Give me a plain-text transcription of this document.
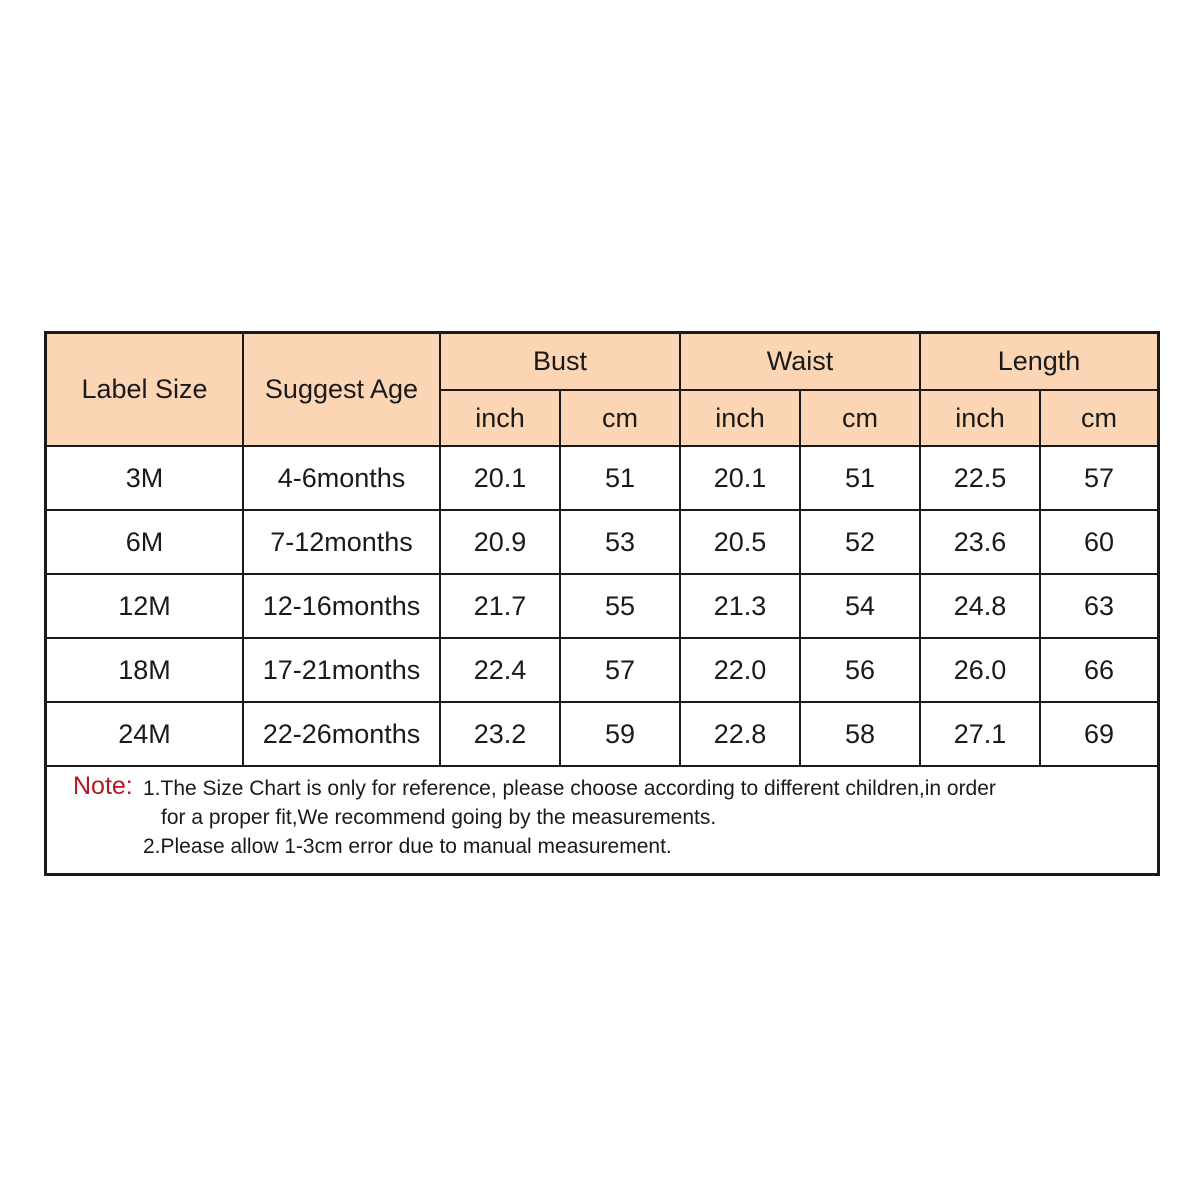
Label Size	Suggest Age	Bust		Waist		Length	
		inch	cm	inch	cm	inch	cm
3M	4-6months	20.1	51	20.1	51	22.5	57
6M	7-12months	20.9	53	20.5	52	23.6	60
12M	12-16months	21.7	55	21.3	54	24.8	63
18M	17-21months	22.4	57	22.0	56	26.0	66
24M	22-26months	23.2	59	22.8	58	27.1	69
Note: 1.The Size Chart is only for reference, please choose according to different children,in order
for a proper fit,We recommend going by the measurements.
2.Please allow 1-3cm error due to manual measurement.
